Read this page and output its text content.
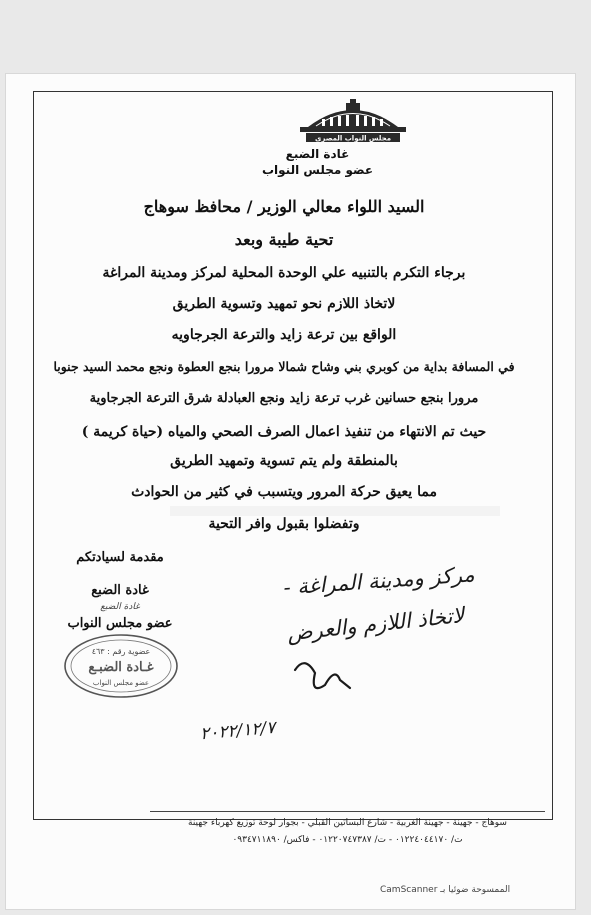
مجلس النواب المصرى
غادة الضبع
عضو مجلس النواب
السيد اللواء معالي الوزير / محافظ سوهاج
تحية طيبة وبعد
برجاء التكرم بالتنبيه علي الوحدة المحلية لمركز ومدينة المراغة
لاتخاذ اللازم نحو تمهيد وتسوية الطريق
الواقع بين ترعة زايد والترعة الجرجاويه
في المسافة بداية من كوبري بني وشاح شمالا مرورا بنجع العطوة ونجع محمد السيد جنوبا
مرورا بنجع حسانين غرب ترعة زايد ونجع العبادلة شرق الترعة الجرجاوية
حيث تم الانتهاء من تنفيذ اعمال الصرف الصحي والمياه (حياة كريمة )
بالمنطقة ولم يتم تسوية وتمهيد الطريق
مما يعيق حركة المرور ويتسبب في كثير من الحوادث
وتفضلوا بقبول وافر التحية
مقدمة لسيادتكم
غادة الضبع
غادة الضبع
عضو مجلس النواب
عضوية رقم : ٤٦٣
غـادة الضبـع
عضو مجلس النواب
- مركز ومدينة المراغة
لاتخاذ اللازم والعرض
٢٠٢٢/١٢/٧
سوهاج - جهينة - جهينة الغربية - شارع البساتين القبلي - بجوار لوحة توزيع كهرباء جهينة
ت/ ٠١٢٢٤٠٤٤١٧٠ - ت/ ٠١٢٢٠٧٤٧٣٨٧ - فاكس/ ٠٩٣٤٧١١٨٩٠
الممسوحة ضوئيا بـ CamScanner
